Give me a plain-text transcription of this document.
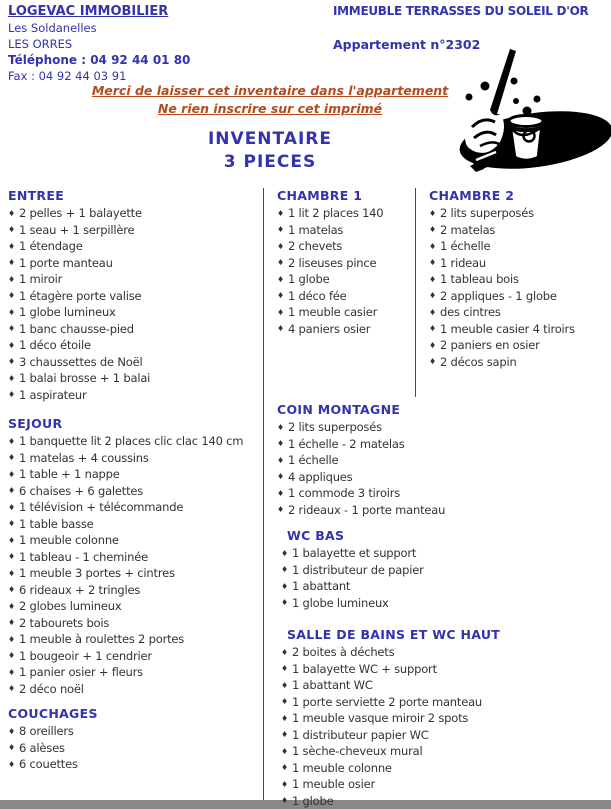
LOGEVAC IMMOBILIER
Les Soldanelles
LES ORRES
Téléphone : 04 92 44 01 80
Fax : 04 92 44 03 91
IMMEUBLE TERRASSES DU SOLEIL D'OR
Appartement n°2302
Merci de laisser cet inventaire dans l'appartement
Ne rien inscrire sur cet imprimé
INVENTAIRE
3 PIECES
ENTREE
♦ 2 pelles + 1 balayette
♦ 1 seau + 1 serpillère
♦ 1 étendage
♦ 1 porte manteau
♦ 1 miroir
♦ 1 étagère porte valise
♦ 1 globe lumineux
♦ 1 banc chausse-pied
♦ 1 déco étoile
♦ 3 chaussettes de Noël
♦ 1 balai brosse + 1 balai
♦ 1 aspirateur
SEJOUR
♦ 1 banquette lit 2 places clic clac 140 cm
♦ 1 matelas + 4 coussins
♦ 1 table + 1 nappe
♦ 6 chaises + 6 galettes
♦ 1 télévision + télécommande
♦ 1 table basse
♦ 1 meuble colonne
♦ 1 tableau - 1 cheminée
♦ 1 meuble 3 portes + cintres
♦ 6 rideaux + 2 tringles
♦ 2 globes lumineux
♦ 2 tabourets bois
♦ 1 meuble à roulettes 2 portes
♦ 1 bougeoir + 1 cendrier
♦ 1 panier osier + fleurs
♦ 2 déco noël
COUCHAGES
♦ 8 oreillers
♦ 6 alèses
♦ 6 couettes
CHAMBRE 1
♦ 1 lit 2 places 140
♦ 1 matelas
♦ 2 chevets
♦ 2 liseuses pince
♦ 1 globe
♦ 1 déco fée
♦ 1 meuble casier
♦ 4 paniers osier
COIN MONTAGNE
♦ 2 lits superposés
♦ 1 échelle - 2 matelas
♦ 1 échelle
♦ 4 appliques
♦ 1 commode 3 tiroirs
♦ 2 rideaux - 1 porte manteau
WC BAS
♦ 1 balayette et support
♦ 1 distributeur de papier
♦ 1 abattant
♦ 1 globe lumineux
SALLE DE BAINS ET WC HAUT
♦ 2 boites à déchets
♦ 1 balayette WC + support
♦ 1 abattant WC
♦ 1 porte serviette 2 porte manteau
♦ 1 meuble vasque miroir 2 spots
♦ 1 distributeur papier WC
♦ 1 sèche-cheveux mural
♦ 1 meuble colonne
♦ 1 meuble osier
♦ 1 globe
CHAMBRE 2
♦ 2 lits superposés
♦ 2 matelas
♦ 1 échelle
♦ 1 rideau
♦ 1 tableau bois
♦ 2 appliques - 1 globe
♦ des cintres
♦ 1 meuble casier 4 tiroirs
♦ 2 paniers en osier
♦ 2 décos sapin
